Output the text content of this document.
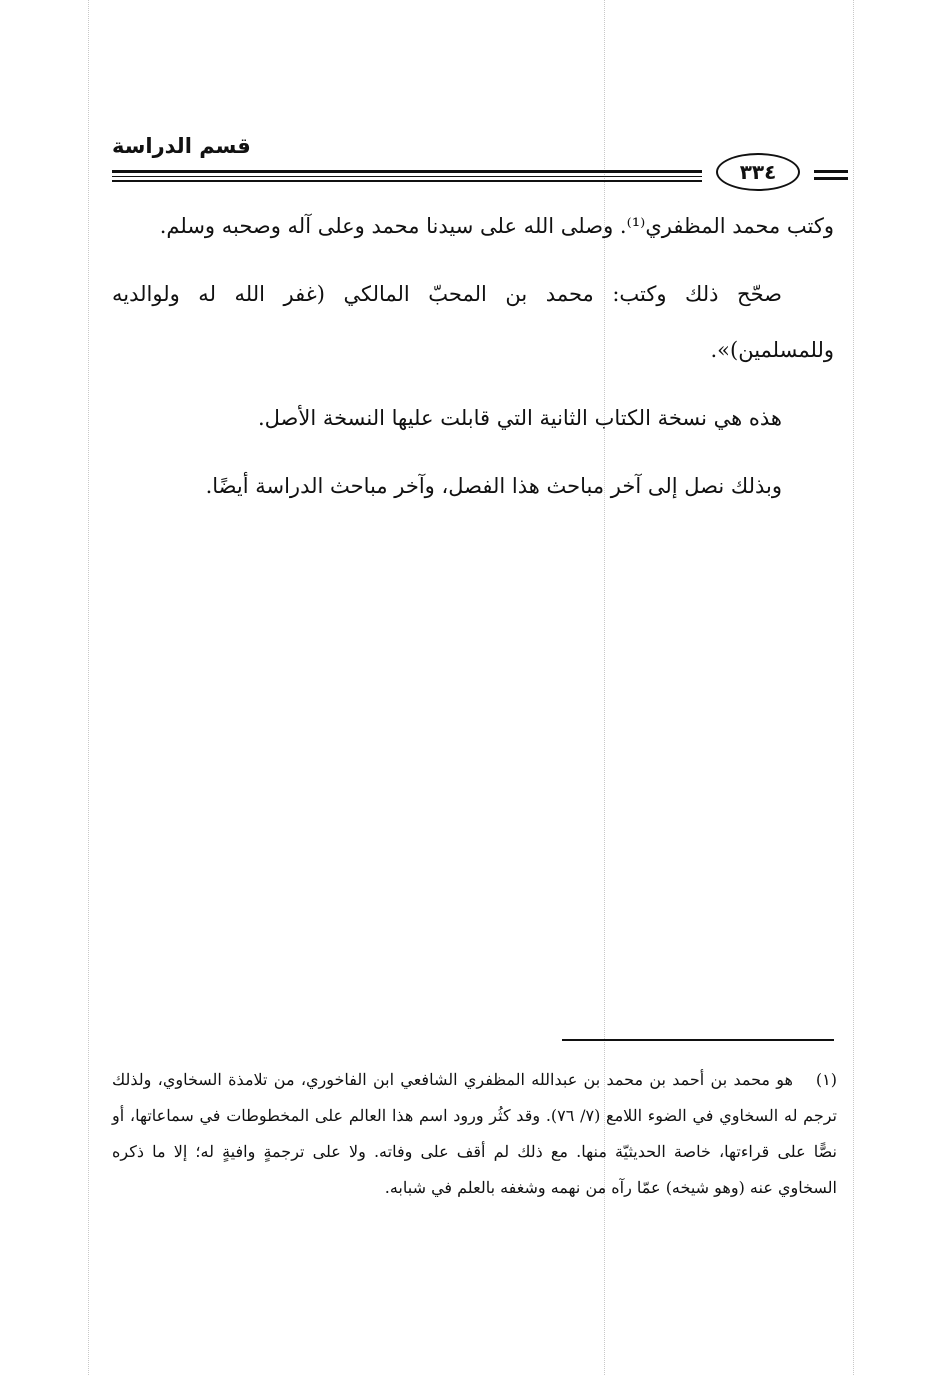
قسم الدراسة
٣٣٤

وكتب محمد المظفري⁽¹⁾. وصلى الله على سيدنا محمد وعلى آله وصحبه وسلم.

صحّح ذلك وكتب: محمد بن المحبّ المالكي (غفر الله له ولوالديه وللمسلمين)».

هذه هي نسخة الكتاب الثانية التي قابلت عليها النسخة الأصل.

وبذلك نصل إلى آخر مباحث هذا الفصل، وآخر مباحث الدراسة أيضًا.

(١)هو محمد بن أحمد بن محمد بن عبدالله المظفري الشافعي ابن الفاخوري، من تلامذة السخاوي، ولذلك ترجم له السخاوي في الضوء اللامع (٧/ ٧٦). وقد كثُر ورود اسم هذا العالم على المخطوطات في سماعاتها، أو نصًّا على قراءتها، خاصة الحديثيّة منها. مع ذلك لم أقف على وفاته. ولا على ترجمةٍ وافيةٍ له؛ إلا ما ذكره السخاوي عنه (وهو شيخه) عمّا رآه من نهمه وشغفه بالعلم في شبابه.
